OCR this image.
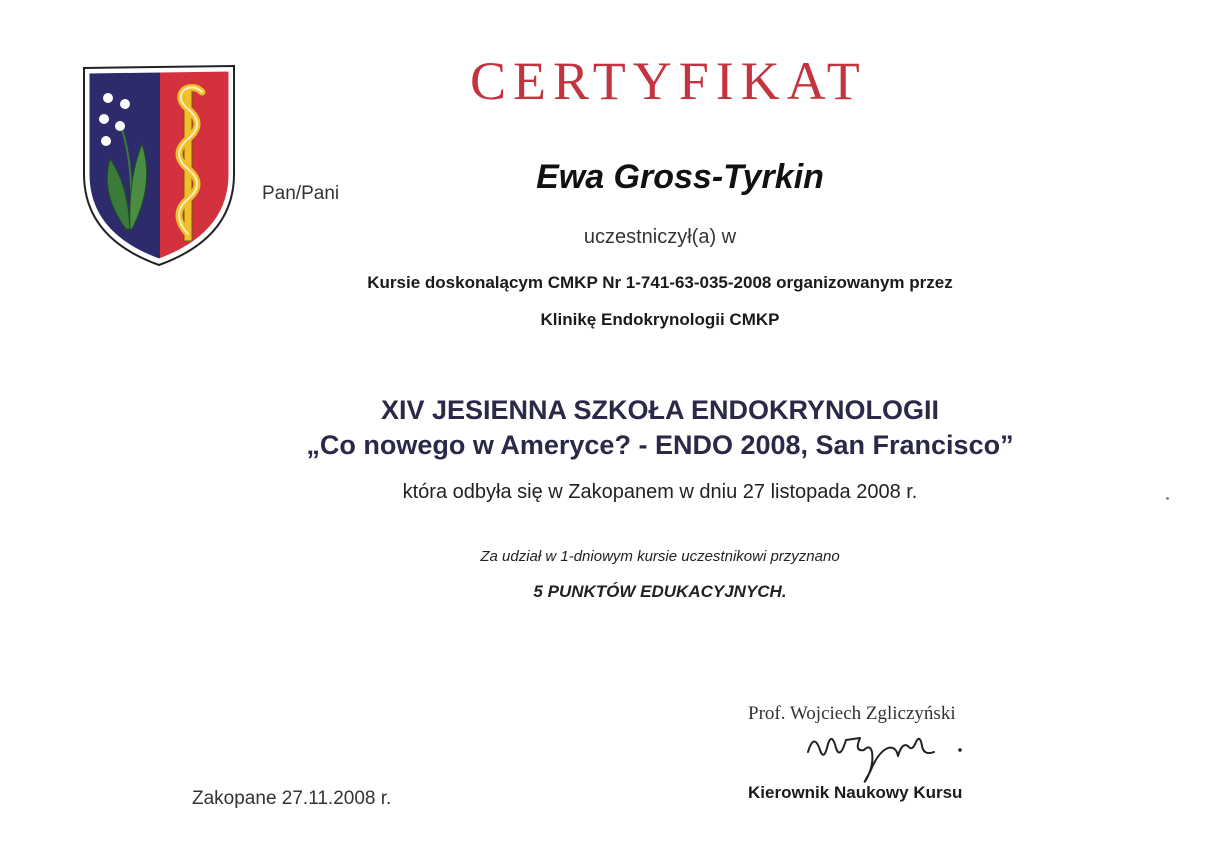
CERTYFIKAT
Pan/Pani	Ewa Gross-Tyrkin
uczestniczył(a) w
Kursie doskonalącym CMKP Nr 1-741-63-035-2008 organizowanym przez
Klinikę Endokrynologii CMKP
XIV JESIENNA SZKOŁA ENDOKRYNOLOGII
„Co nowego w Ameryce? - ENDO 2008, San Francisco”
która odbyła się w Zakopanem w dniu 27 listopada 2008 r.
Za udział w 1-dniowym kursie uczestnikowi przyznano
5 PUNKTÓW EDUKACYJNYCH.
Prof. Wojciech Zgliczyński
Kierownik Naukowy Kursu
Zakopane 27.11.2008 r.
